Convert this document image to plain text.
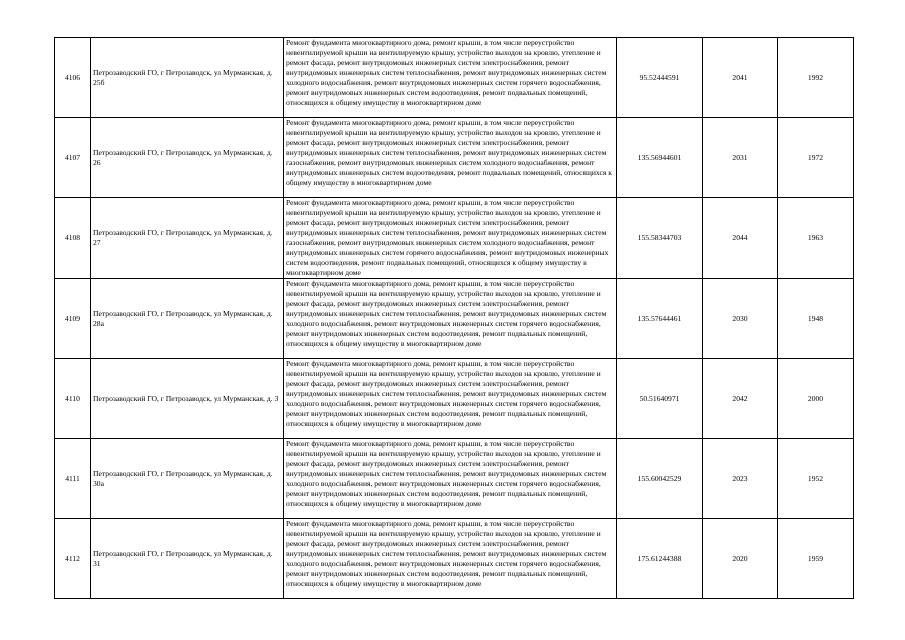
4106	Петрозаводский ГО, г Петрозаводск, ул Мурманская, д. 25б	Ремонт фундамента многоквартирного дома, ремонт крыши, в том числе переустройство невентилируемой крыши на вентилируемую крышу, устройство выходов на кровлю, утепление и ремонт фасада, ремонт внутридомовых инженерных систем электроснабжения, ремонт внутридомовых инженерных систем теплоснабжения, ремонт внутридомовых инженерных систем холодного водоснабжения, ремонт внутридомовых инженерных систем горячего водоснабжения, ремонт внутридомовых инженерных систем водоотведения, ремонт подвальных помещений, относящихся к общему имуществу в многоквартирном доме	95.52444591	2041	1992
4107	Петрозаводский ГО, г Петрозаводск, ул Мурманская, д. 26	Ремонт фундамента многоквартирного дома, ремонт крыши, в том числе переустройство невентилируемой крыши на вентилируемую крышу, устройство выходов на кровлю, утепление и ремонт фасада, ремонт внутридомовых инженерных систем электроснабжения, ремонт внутридомовых инженерных систем теплоснабжения, ремонт внутридомовых инженерных систем газоснабжения, ремонт внутридомовых инженерных систем холодного водоснабжения, ремонт внутридомовых инженерных систем водоотведения, ремонт подвальных помещений, относящихся к общему имуществу в многоквартирном доме	135.56944601	2031	1972
4108	Петрозаводский ГО, г Петрозаводск, ул Мурманская, д. 27	Ремонт фундамента многоквартирного дома, ремонт крыши, в том числе переустройство невентилируемой крыши на вентилируемую крышу, устройство выходов на кровлю, утепление и ремонт фасада, ремонт внутридомовых инженерных систем электроснабжения, ремонт внутридомовых инженерных систем теплоснабжения, ремонт внутридомовых инженерных систем газоснабжения, ремонт внутридомовых инженерных систем холодного водоснабжения, ремонт внутридомовых инженерных систем горячего водоснабжения, ремонт внутридомовых инженерных систем водоотведения, ремонт подвальных помещений, относящихся к общему имуществу в многоквартирном доме	155.58344703	2044	1963
4109	Петрозаводский ГО, г Петрозаводск, ул Мурманская, д. 28а	Ремонт фундамента многоквартирного дома, ремонт крыши, в том числе переустройство невентилируемой крыши на вентилируемую крышу, устройство выходов на кровлю, утепление и ремонт фасада, ремонт внутридомовых инженерных систем электроснабжения, ремонт внутридомовых инженерных систем теплоснабжения, ремонт внутридомовых инженерных систем холодного водоснабжения, ремонт внутридомовых инженерных систем горячего водоснабжения, ремонт внутридомовых инженерных систем водоотведения, ремонт подвальных помещений, относящихся к общему имуществу в многоквартирном доме	135.57644461	2030	1948
4110	Петрозаводский ГО, г Петрозаводск, ул Мурманская, д. 3	Ремонт фундамента многоквартирного дома, ремонт крыши, в том числе переустройство невентилируемой крыши на вентилируемую крышу, устройство выходов на кровлю, утепление и ремонт фасада, ремонт внутридомовых инженерных систем электроснабжения, ремонт внутридомовых инженерных систем теплоснабжения, ремонт внутридомовых инженерных систем холодного водоснабжения, ремонт внутридомовых инженерных систем горячего водоснабжения, ремонт внутридомовых инженерных систем водоотведения, ремонт подвальных помещений, относящихся к общему имуществу в многоквартирном доме	50.51640971	2042	2000
4111	Петрозаводский ГО, г Петрозаводск, ул Мурманская, д. 30а	Ремонт фундамента многоквартирного дома, ремонт крыши, в том числе переустройство невентилируемой крыши на вентилируемую крышу, устройство выходов на кровлю, утепление и ремонт фасада, ремонт внутридомовых инженерных систем электроснабжения, ремонт внутридомовых инженерных систем теплоснабжения, ремонт внутридомовых инженерных систем холодного водоснабжения, ремонт внутридомовых инженерных систем горячего водоснабжения, ремонт внутридомовых инженерных систем водоотведения, ремонт подвальных помещений, относящихся к общему имуществу в многоквартирном доме	155.60042529	2023	1952
4112	Петрозаводский ГО, г Петрозаводск, ул Мурманская, д. 31	Ремонт фундамента многоквартирного дома, ремонт крыши, в том числе переустройство невентилируемой крыши на вентилируемую крышу, устройство выходов на кровлю, утепление и ремонт фасада, ремонт внутридомовых инженерных систем электроснабжения, ремонт внутридомовых инженерных систем теплоснабжения, ремонт внутридомовых инженерных систем холодного водоснабжения, ремонт внутридомовых инженерных систем горячего водоснабжения, ремонт внутридомовых инженерных систем водоотведения, ремонт подвальных помещений, относящихся к общему имуществу в многоквартирном доме	175.61244388	2020	1959
